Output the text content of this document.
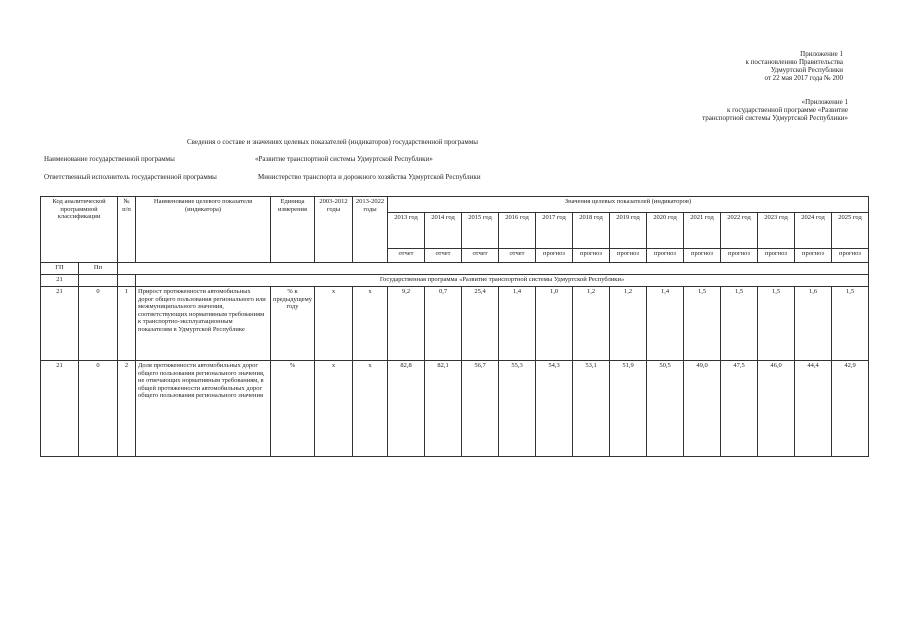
Приложение 1
к постановлению Правительства
Удмуртской Республики
от 22 мая 2017 года № 200
«Приложение 1
к государственной программе «Развитие
транспортной системы Удмуртской Республики»
Сведения о составе и значениях целевых показателей (индикаторов) государственной программы
Наименование государственной программы	«Развитие транспортной системы Удмуртской Республики»
Ответственный исполнитель государственной программы	Министерство транспорта и дорожного хозяйства Удмуртской Республики
Код аналитической программной классификации		№ п/п	Наименование целевого показателя (индикатора)	Единица измерения	2003-2012 годы	2013-2022 годы	Значения целевых показателей (индикаторов)												
							2013 год	2014 год	2015 год	2016 год	2017 год	2018 год	2019 год	2020 год	2021 год	2022 год	2023 год	2024 год	2025 год
							отчет	отчет	отчет	отчет	прогноз	прогноз	прогноз	прогноз	прогноз	прогноз	прогноз	прогноз	прогноз
ГП	Пп																		
21			Государственная программа «Развитие транспортной системы Удмуртской Республики»																
21	0	1	Прирост протяженности автомобильных дорог общего пользования регионального или межмуниципального значения, соответствующих нормативным требованиям к транспортно-эксплуатационным показателям в Удмуртской Республике	% к предыдущему году	х	х	9,2	0,7	25,4	1,4	1,0	1,2	1,2	1,4	1,5	1,5	1,5	1,6	1,5
21	0	2	Доля протяженности автомобильных дорог общего пользования регионального значения, не отвечающих нормативным требованиям, в общей протяженности автомобильных дорог общего пользования регионального значения	%	х	х	82,8	82,1	56,7	55,3	54,3	53,1	51,9	50,5	49,0	47,5	46,0	44,4	42,9
